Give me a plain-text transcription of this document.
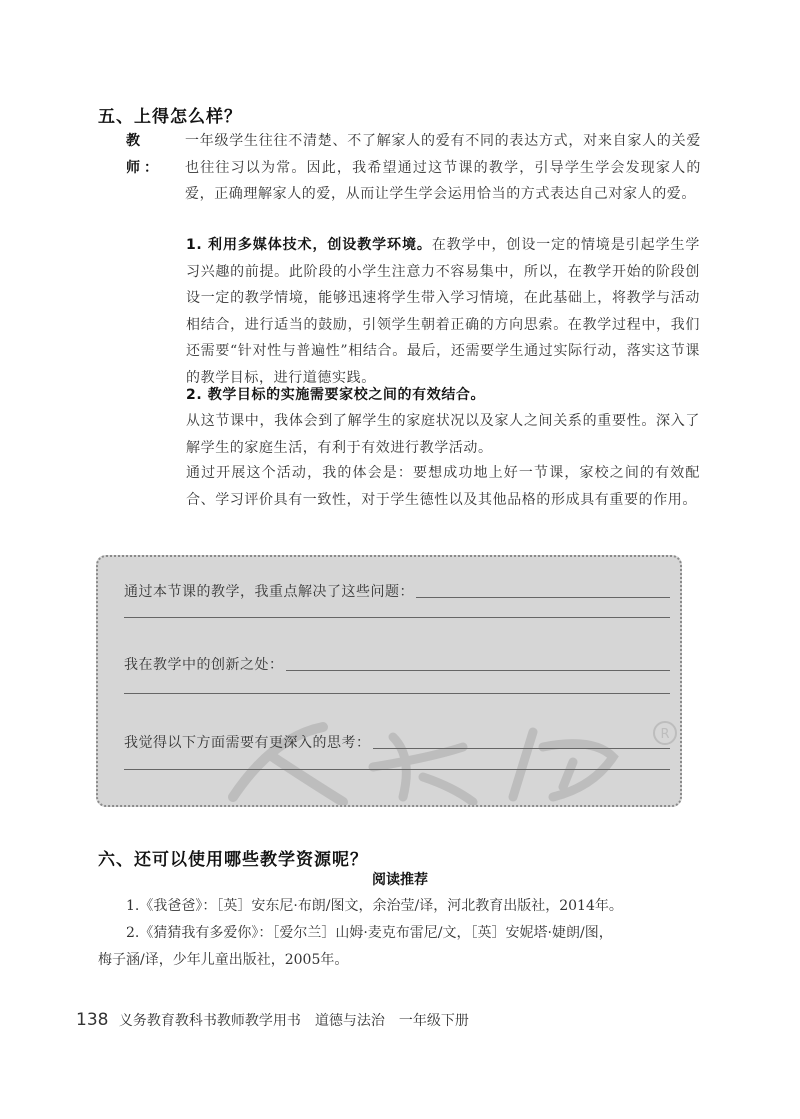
五、上得怎么样？
教　师：
一年级学生往往不清楚、不了解家人的爱有不同的表达方式，对来自家人的关爱也往往习以为常。因此，我希望通过这节课的教学，引导学生学会发现家人的爱，正确理解家人的爱，从而让学生学会运用恰当的方式表达自己对家人的爱。
1. 利用多媒体技术，创设教学环境。在教学中，创设一定的情境是引起学生学习兴趣的前提。此阶段的小学生注意力不容易集中，所以，在教学开始的阶段创设一定的教学情境，能够迅速将学生带入学习情境，在此基础上，将教学与活动相结合，进行适当的鼓励，引领学生朝着正确的方向思索。在教学过程中，我们还需要“针对性与普遍性”相结合。最后，还需要学生通过实际行动，落实这节课的教学目标，进行道德实践。
2. 教学目标的实施需要家校之间的有效结合。
从这节课中，我体会到了解学生的家庭状况以及家人之间关系的重要性。深入了解学生的家庭生活，有利于有效进行教学活动。
通过开展这个活动，我的体会是：要想成功地上好一节课，家校之间的有效配合、学习评价具有一致性，对于学生德性以及其他品格的形成具有重要的作用。
R
通过本节课的教学，我重点解决了这些问题：
我在教学中的创新之处：
我觉得以下方面需要有更深入的思考：
六、还可以使用哪些教学资源呢？
阅读推荐
1.《我爸爸》：［英］安东尼·布朗/图文，余治莹/译，河北教育出版社，2014年。
2.《猜猜我有多爱你》：［爱尔兰］山姆·麦克布雷尼/文，［英］安妮塔·婕朗/图，
梅子涵/译，少年儿童出版社，2005年。
138 义务教育教科书教师教学用书　道德与法治　一年级下册
